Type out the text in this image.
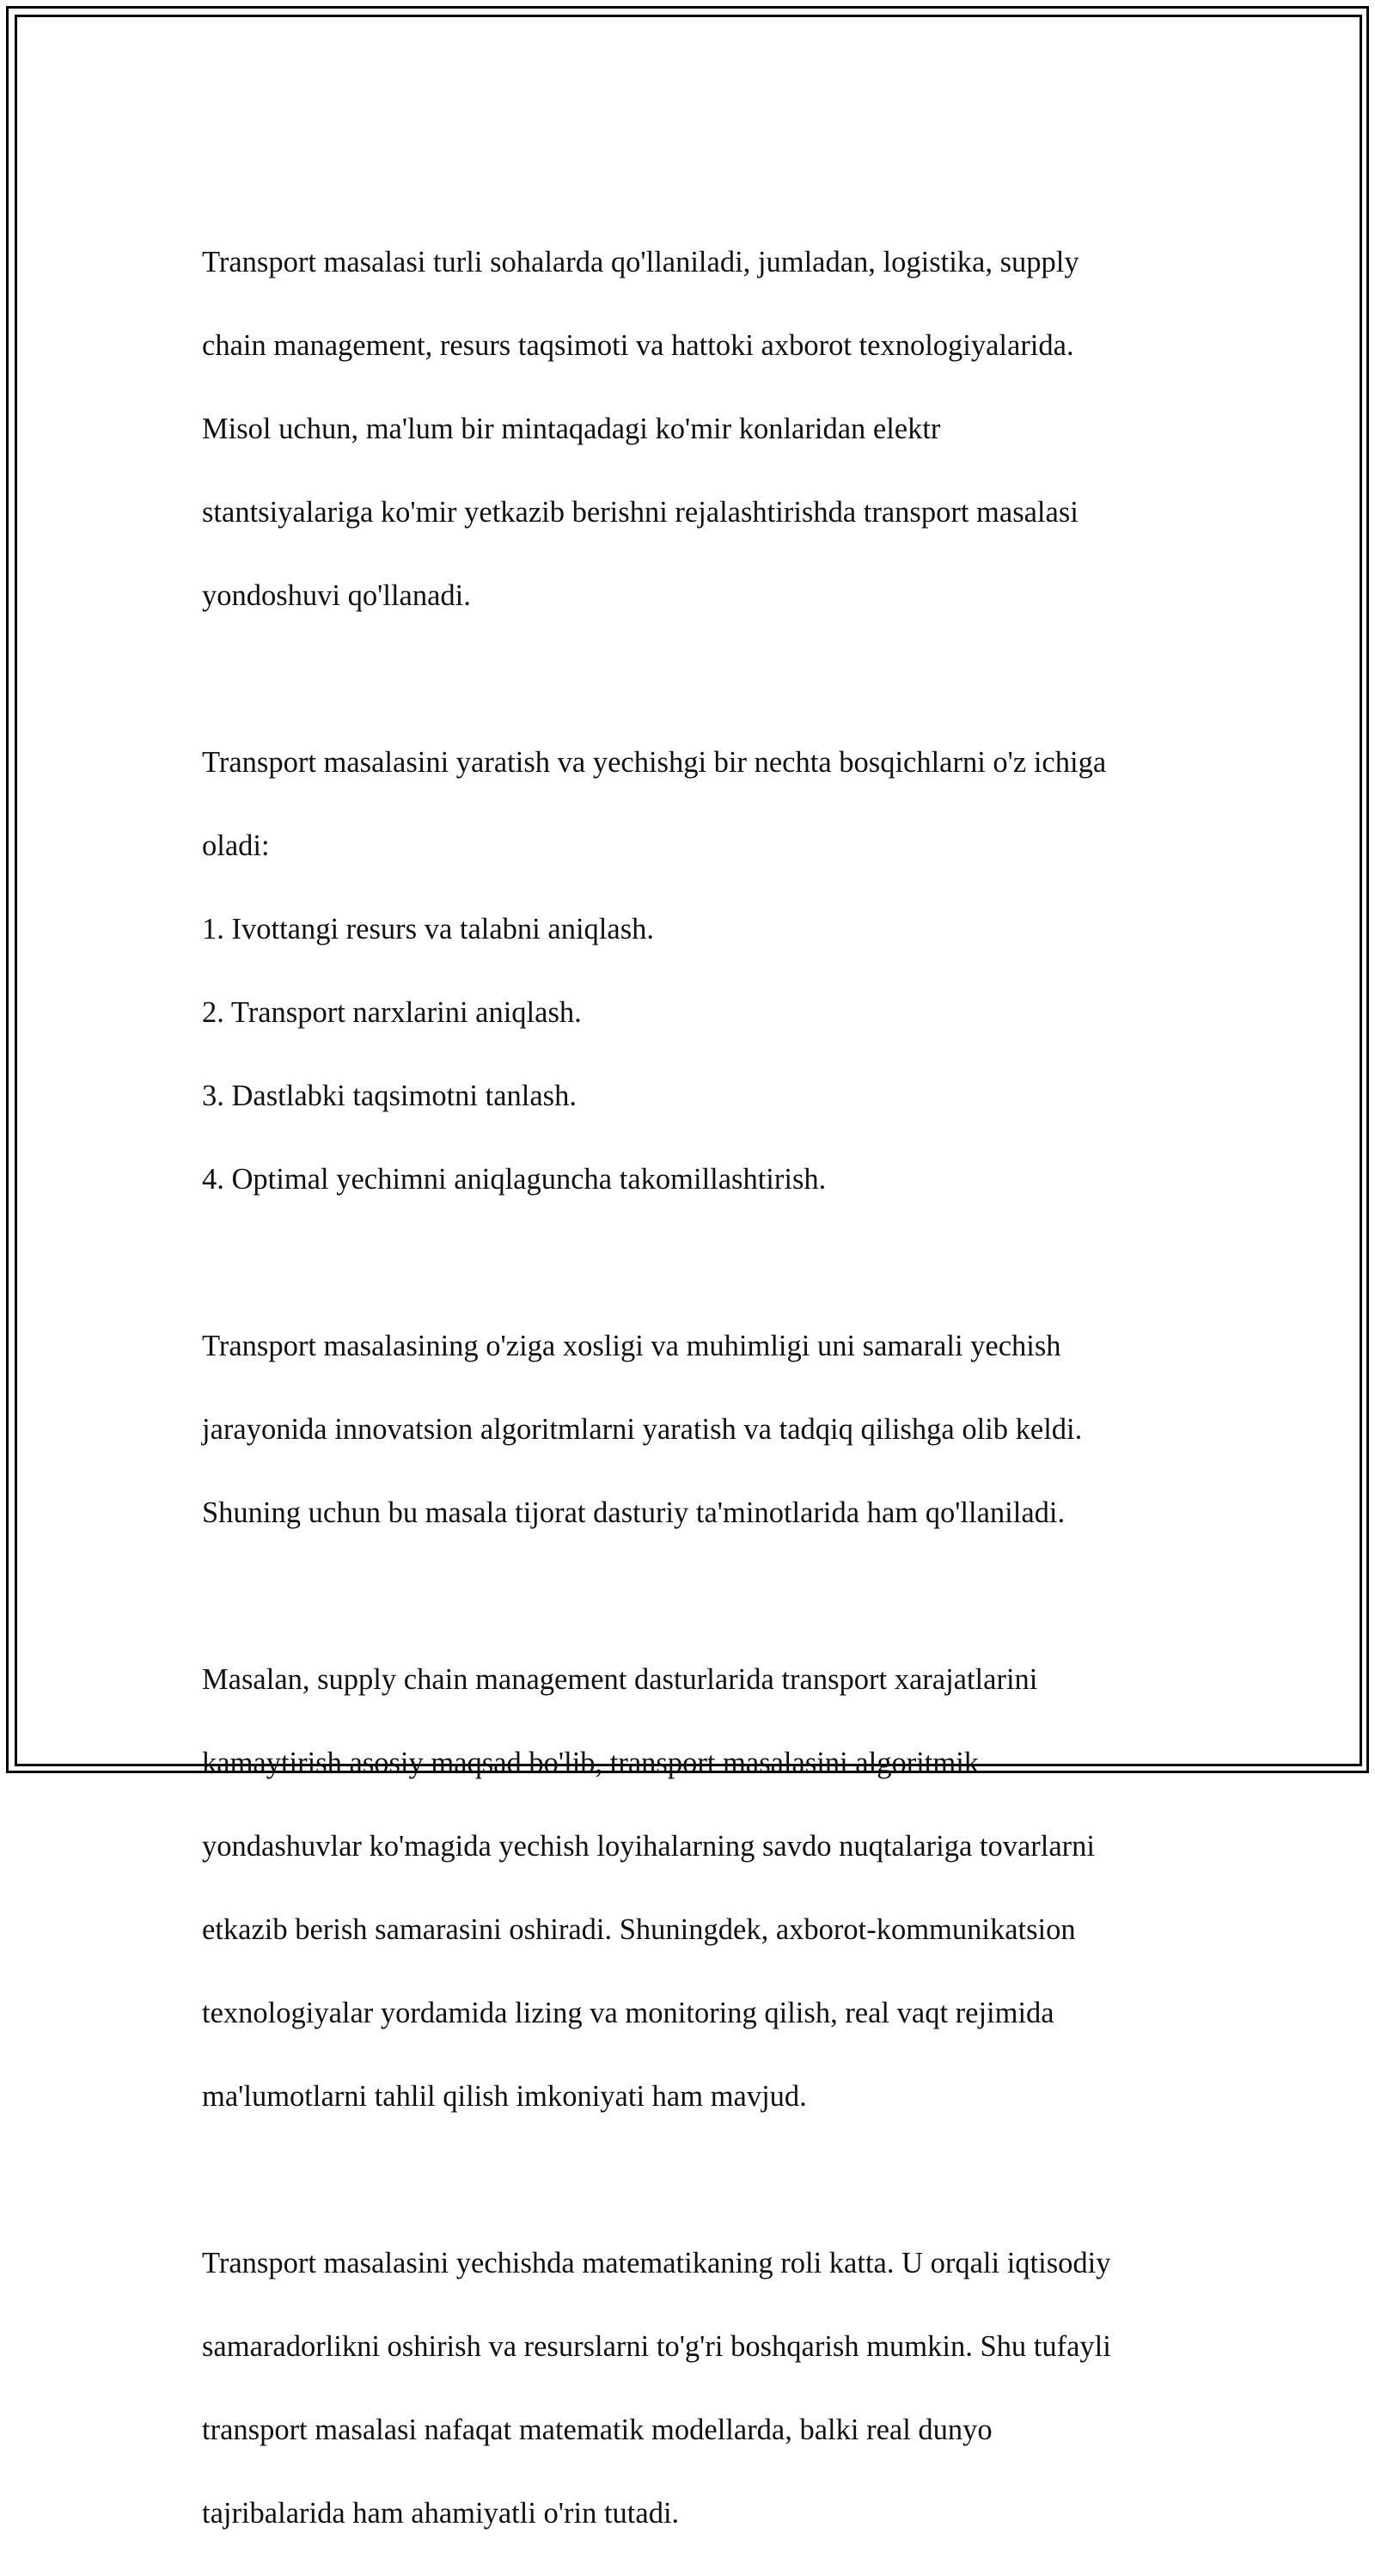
Transport masalasi turli sohalarda qo'llaniladi, jumladan, logistika, supply

chain management, resurs taqsimoti va hattoki axborot texnologiyalarida.

Misol uchun, ma'lum bir mintaqadagi ko'mir konlaridan elektr

stantsiyalariga ko'mir yetkazib berishni rejalashtirishda transport masalasi

yondoshuvi qo'llanadi.

Transport masalasini yaratish va yechishgi bir nechta bosqichlarni o'z ichiga

oladi:

1. Ivottangi resurs va talabni aniqlash.

2. Transport narxlarini aniqlash.

3. Dastlabki taqsimotni tanlash.

4. Optimal yechimni aniqlaguncha takomillashtirish.

Transport masalasining o'ziga xosligi va muhimligi uni samarali yechish

jarayonida innovatsion algoritmlarni yaratish va tadqiq qilishga olib keldi.

Shuning uchun bu masala tijorat dasturiy ta'minotlarida ham qo'llaniladi.

Masalan, supply chain management dasturlarida transport xarajatlarini

kamaytirish asosiy maqsad bo'lib, transport masalasini algoritmik

yondashuvlar ko'magida yechish loyihalarning savdo nuqtalariga tovarlarni

etkazib berish samarasini oshiradi. Shuningdek, axborot-kommunikatsion

texnologiyalar yordamida lizing va monitoring qilish, real vaqt rejimida

ma'lumotlarni tahlil qilish imkoniyati ham mavjud.

Transport masalasini yechishda matematikaning roli katta. U orqali iqtisodiy

samaradorlikni oshirish va resurslarni to'g'ri boshqarish mumkin. Shu tufayli

transport masalasi nafaqat matematik modellarda, balki real dunyo

tajribalarida ham ahamiyatli o'rin tutadi.
